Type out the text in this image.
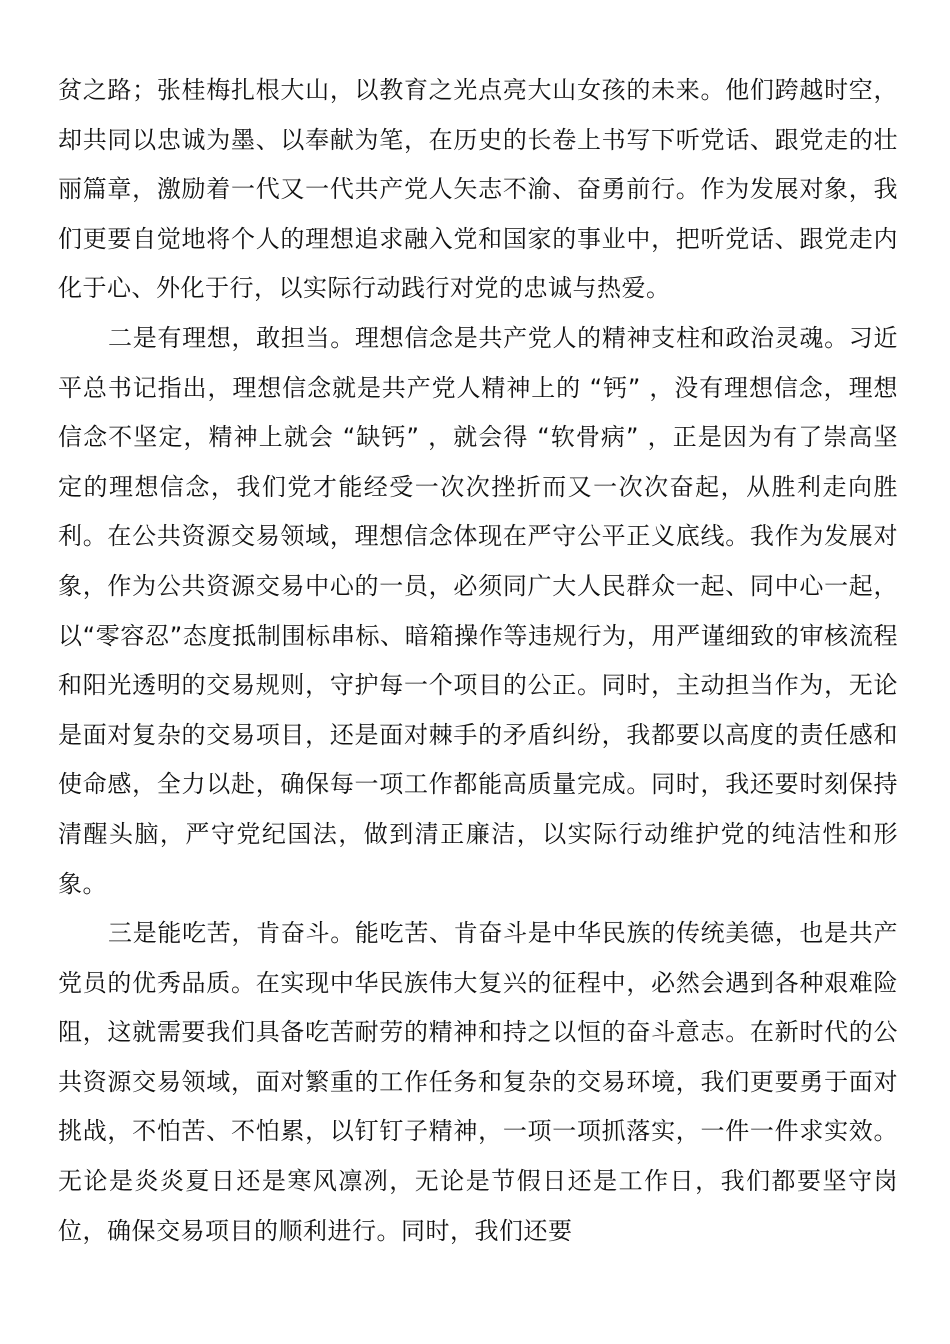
贫之路；张桂梅扎根大山，以教育之光点亮大山女孩的未来。他们跨越时空，却共同以忠诚为墨、以奉献为笔，在历史的长卷上书写下听党话、跟党走的壮丽篇章，激励着一代又一代共产党人矢志不渝、奋勇前行。作为发展对象，我们更要自觉地将个人的理想追求融入党和国家的事业中，把听党话、跟党走内化于心、外化于行，以实际行动践行对党的忠诚与热爱。

二是有理想，敢担当。理想信念是共产党人的精神支柱和政治灵魂。习近平总书记指出，理想信念就是共产党人精神上的 “钙” ，没有理想信念，理想信念不坚定，精神上就会 “缺钙” ，就会得 “软骨病” ，正是因为有了崇高坚定的理想信念，我们党才能经受一次次挫折而又一次次奋起，从胜利走向胜利。在公共资源交易领域，理想信念体现在严守公平正义底线。我作为发展对象，作为公共资源交易中心的一员，必须同广大人民群众一起、同中心一起，以“零容忍”态度抵制围标串标、暗箱操作等违规行为，用严谨细致的审核流程和阳光透明的交易规则，守护每一个项目的公正。同时，主动担当作为，无论是面对复杂的交易项目，还是面对棘手的矛盾纠纷，我都要以高度的责任感和使命感，全力以赴，确保每一项工作都能高质量完成。同时，我还要时刻保持清醒头脑，严守党纪国法，做到清正廉洁，以实际行动维护党的纯洁性和形象。

三是能吃苦，肯奋斗。能吃苦、肯奋斗是中华民族的传统美德，也是共产党员的优秀品质。在实现中华民族伟大复兴的征程中，必然会遇到各种艰难险阻，这就需要我们具备吃苦耐劳的精神和持之以恒的奋斗意志。在新时代的公共资源交易领域，面对繁重的工作任务和复杂的交易环境，我们更要勇于面对挑战，不怕苦、不怕累，以钉钉子精神，一项一项抓落实，一件一件求实效。无论是炎炎夏日还是寒风凛冽，无论是节假日还是工作日，我们都要坚守岗位，确保交易项目的顺利进行。同时，我们还要
